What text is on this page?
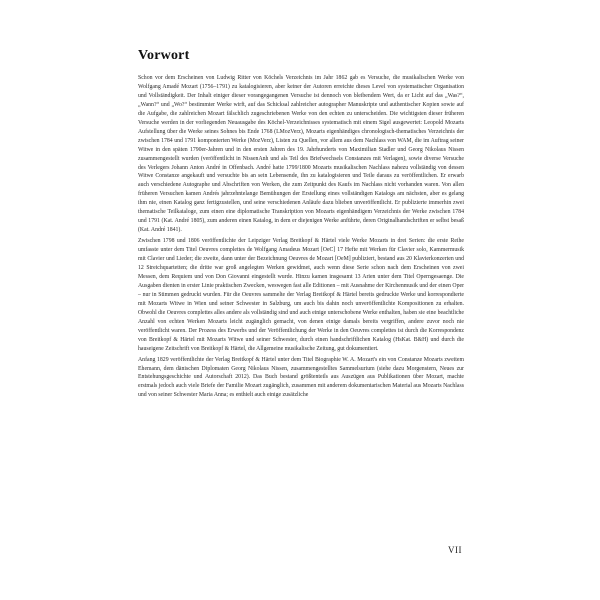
Vorwort

Schon vor dem Erscheinen von Ludwig Ritter von Köchels Verzeichnis im Jahr 1862 gab es Versuche, die musikalischen Werke von Wolfgang Amadé Mozart (1756–1791) zu katalogisieren, aber keiner der Autoren erreichte dieses Level von systematischer Organisation und Vollständigkeit. Der Inhalt einiger dieser vorangegangenen Versuche ist dennoch von bleibendem Wert, da er Licht auf das „Was?“, „Wann?“ und „Wo?“ bestimmter Werke wirft, auf das Schicksal zahlreicher autographer Manuskripte und authentischer Kopien sowie auf die Aufgabe, die zahlreichen Mozart fälschlich zugeschriebenen Werke von den echten zu unterscheiden. Die wichtigsten dieser früheren Versuche werden in der vorliegenden Neuausgabe des Köchel-Verzeichnisses systematisch mit einem Sigel ausgewertet: Leopold Mozarts Aufstellung über die Werke seines Sohnes bis Ende 1768 (LMozVerz), Mozarts eigenhändiges chronologisch-thematisches Verzeichnis der zwischen 1784 und 1791 komponierten Werke (MozVerz), Listen zu Quellen, vor allem aus dem Nachlass von WAM, die im Auftrag seiner Witwe in den späten 1790er-Jahren und in den ersten Jahren des 19. Jahrhunderts von Maximilian Stadler und Georg Nikolaus Nissen zusammengestellt wurden (veröffentlicht in NissenAnh und als Teil des Briefwechsels Constanzes mit Verlagen), sowie diverse Versuche des Verlegers Johann Anton André in Offenbach. André hatte 1799/1800 Mozarts musikalischen Nachlass nahezu vollständig von dessen Witwe Constanze angekauft und versuchte bis an sein Lebensende, ihn zu katalogisieren und Teile daraus zu veröffentlichen. Er erwarb auch verschiedene Autographe und Abschriften von Werken, die zum Zeitpunkt des Kaufs im Nachlass nicht vorhanden waren. Von allen früheren Versuchen kamen Andrés jahrzehntelange Bemühungen der Erstellung eines vollständigen Katalogs am nächsten, aber es gelang ihm nie, einen Katalog ganz fertigzustellen, und seine verschiedenen Anläufe dazu blieben unveröffentlicht. Er publizierte immerhin zwei thematische Teilkataloge, zum einen eine diplomatische Transkription von Mozarts eigenhändigem Verzeichnis der Werke zwischen 1784 und 1791 (Kat. André 1805), zum anderen einen Katalog, in dem er diejenigen Werke anführte, deren Originalhandschriften er selbst besaß (Kat. André 1841).

Zwischen 1798 und 1806 veröffentlichte der Leipziger Verlag Breitkopf & Härtel viele Werke Mozarts in drei Serien: die erste Reihe umfasste unter dem Titel Oeuvres complettes de Wolfgang Amadeus Mozart [OeC] 17 Hefte mit Werken für Clavier solo, Kammermusik mit Clavier und Lieder; die zweite, dann unter der Bezeichnung Oeuvres de Mozart [OeM] publiziert, bestand aus 20 Klavierkonzerten und 12 Streichquartetten; die dritte war groß angelegten Werken gewidmet, auch wenn diese Serie schon nach dem Erscheinen von zwei Messen, dem Requiem und von Don Giovanni eingestellt wurde. Hinzu kamen insgesamt 13 Arien unter dem Titel Operngesaenge. Die Ausgaben dienten in erster Linie praktischen Zwecken, weswegen fast alle Editionen – mit Ausnahme der Kirchenmusik und der einen Oper – nur in Stimmen gedruckt wurden. Für die Oeuvres sammelte der Verlag Breitkopf & Härtel bereits gedruckte Werke und korrespondierte mit Mozarts Witwe in Wien und seiner Schwester in Salzburg, um auch bis dahin noch unveröffentlichte Kompositionen zu erhalten. Obwohl die Oeuvres complettes alles andere als vollständig sind und auch einige unterschobene Werke enthalten, haben sie eine beachtliche Anzahl von echten Werken Mozarts leicht zugänglich gemacht, von denen einige damals bereits vergriffen, andere zuvor noch nie veröffentlicht waren. Der Prozess des Erwerbs und der Veröffentlichung der Werke in den Oeuvres complettes ist durch die Korrespondenz von Breitkopf & Härtel mit Mozarts Witwe und seiner Schwester, durch einen handschriftlichen Katalog (HsKat. B&H) und durch die hauseigene Zeitschrift von Breitkopf & Härtel, die Allgemeine musikalische Zeitung, gut dokumentiert.

Anfang 1829 veröffentlichte der Verlag Breitkopf & Härtel unter dem Titel Biographie W. A. Mozart's ein von Constanze Mozarts zweitem Ehemann, dem dänischen Diplomaten Georg Nikolaus Nissen, zusammengestelltes Sammelsurium (siehe dazu Morgenstern, Neues zur Entstehungsgeschichte und Autorschaft 2012). Das Buch bestand größtenteils aus Auszügen aus Publikationen über Mozart, machte erstmals jedoch auch viele Briefe der Familie Mozart zugänglich, zusammen mit anderem dokumentarischen Material aus Mozarts Nachlass und von seiner Schwester Maria Anna; es enthielt auch einige zusätzliche

VII
